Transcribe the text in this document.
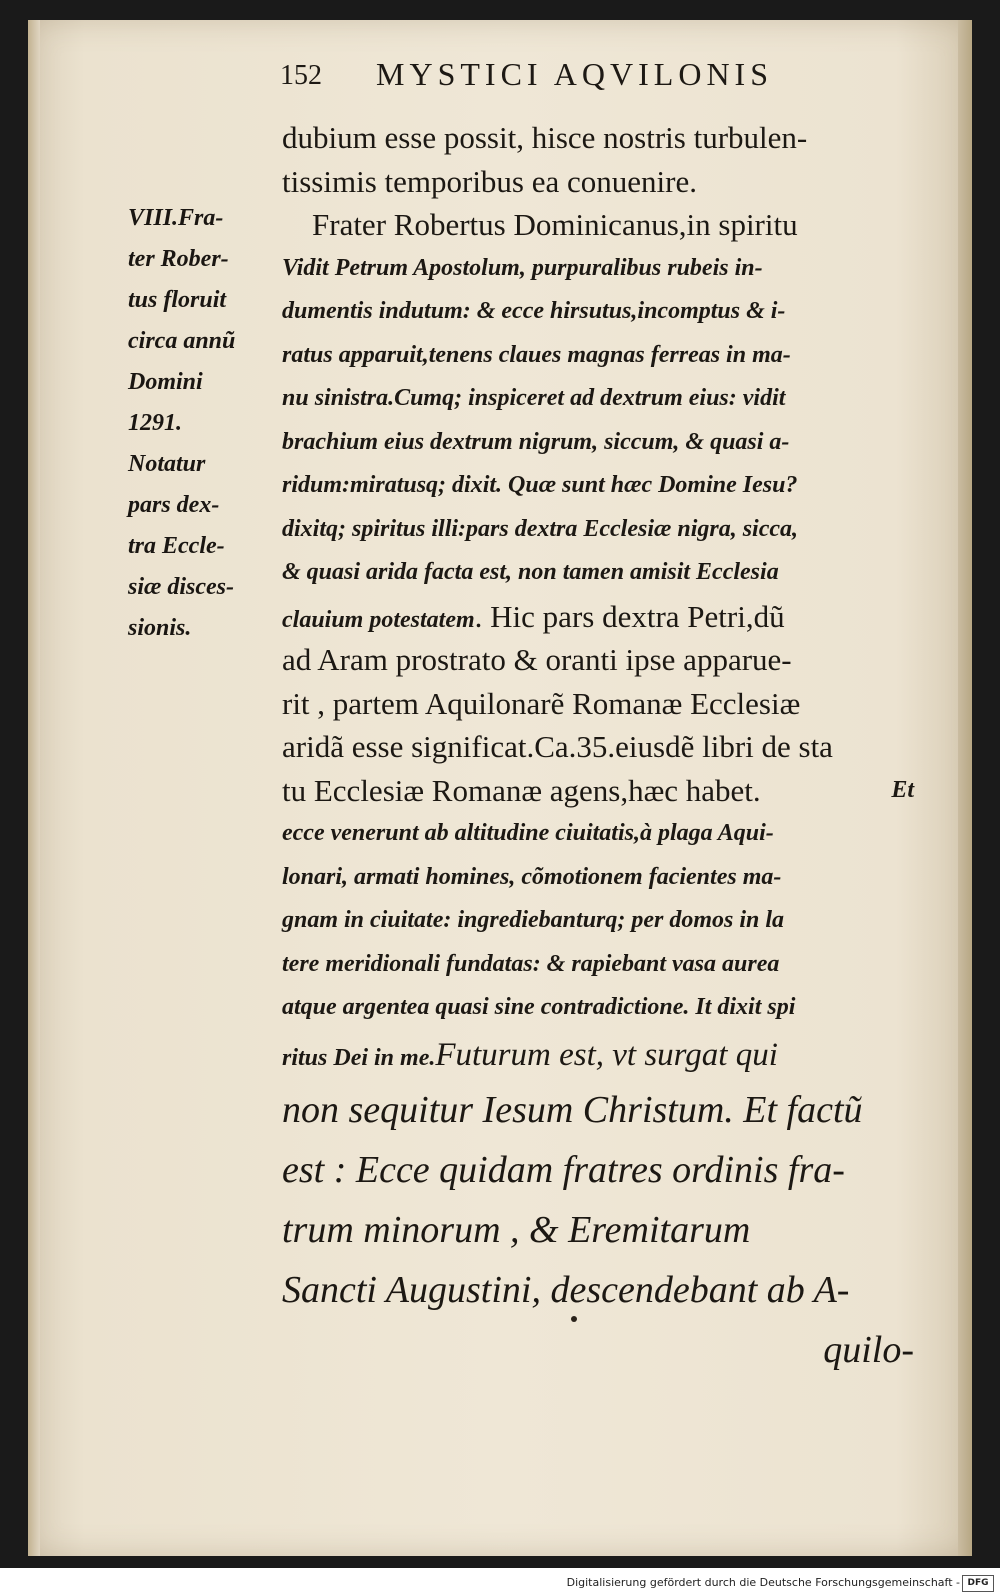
152 MYSTICI AQVILONIS
VIII.Fra-
ter Rober-
tus floruit
circa annũ
Domini
1291.
Notatur
pars dex-
tra Eccle-
siæ disces-
sionis.
dubium esse possit, hisce nostris turbulen-
tissimis temporibus ea conuenire.
Frater Robertus Dominicanus,in spiritu
Vidit Petrum Apostolum, purpuralibus rubeis in-
dumentis indutum: & ecce hirsutus,incomptus & i-
ratus apparuit,tenens claues magnas ferreas in ma-
nu sinistra.Cumq; inspiceret ad dextrum eius: vidit
brachium eius dextrum nigrum, siccum, & quasi a-
ridum:miratusq; dixit. Quæ sunt hæc Domine Iesu?
dixitq; spiritus illi:pars dextra Ecclesiæ nigra, sicca,
& quasi arida facta est, non tamen amisit Ecclesia
clauium potestatem. Hic pars dextra Petri,dũ
ad Aram prostrato & oranti ipse apparue-
rit , partem Aquilonarẽ Romanæ Ecclesiæ
aridã esse significat.Ca.35.eiusdẽ libri de sta
tu Ecclesiæ Romanæ agens,hæc habet.	Et
ecce venerunt ab altitudine ciuitatis,à plaga Aqui-
lonari, armati homines, cõmotionem facientes ma-
gnam in ciuitate: ingrediebanturq; per domos in la
tere meridionali fundatas: & rapiebant vasa aurea
atque argentea quasi sine contradictione. It dixit spi
ritus Dei in me.Futurum est, vt surgat qui
non sequitur Iesum Christum. Et factũ
est : Ecce quidam fratres ordinis fra-
trum minorum , & Eremitarum
Sancti Augustini, descendebant ab A-
quilo-
Digitalisierung gefördert durch die Deutsche Forschungsgemeinschaft - DFG
